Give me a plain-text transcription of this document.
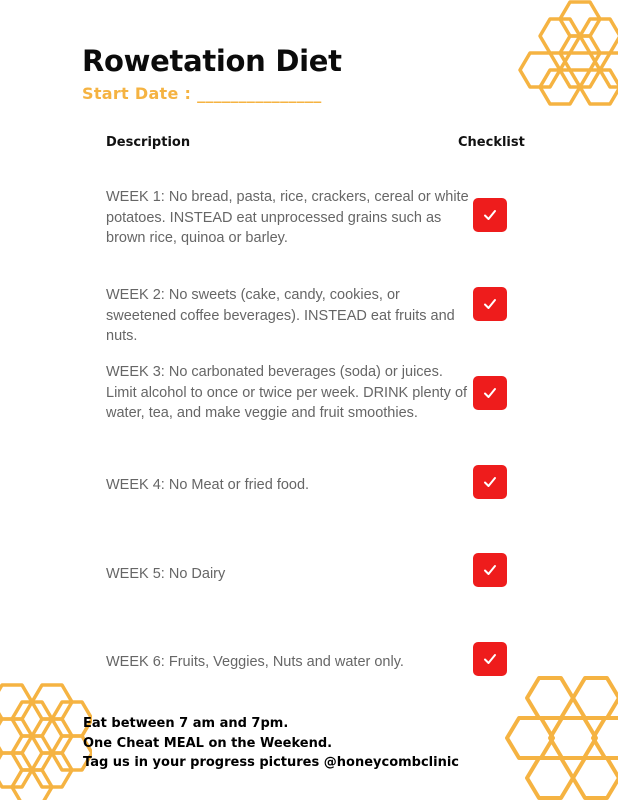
Rowetation Diet
Start Date : _______________
Description	Checklist
WEEK 1: No bread, pasta, rice, crackers, cereal or white potatoes. INSTEAD eat unprocessed grains such as brown rice, quinoa or barley.
WEEK 2: No sweets (cake, candy, cookies, or sweetened coffee beverages). INSTEAD eat fruits and nuts.
WEEK 3: No carbonated beverages (soda) or juices. Limit alcohol to once or twice per week. DRINK plenty of water, tea, and make veggie and fruit smoothies.
WEEK 4: No Meat or fried food.
WEEK 5: No Dairy
WEEK 6: Fruits, Veggies, Nuts and water only.
Eat between 7 am and 7pm.
One Cheat MEAL on the Weekend.
Tag us in your progress pictures @honeycombclinic
